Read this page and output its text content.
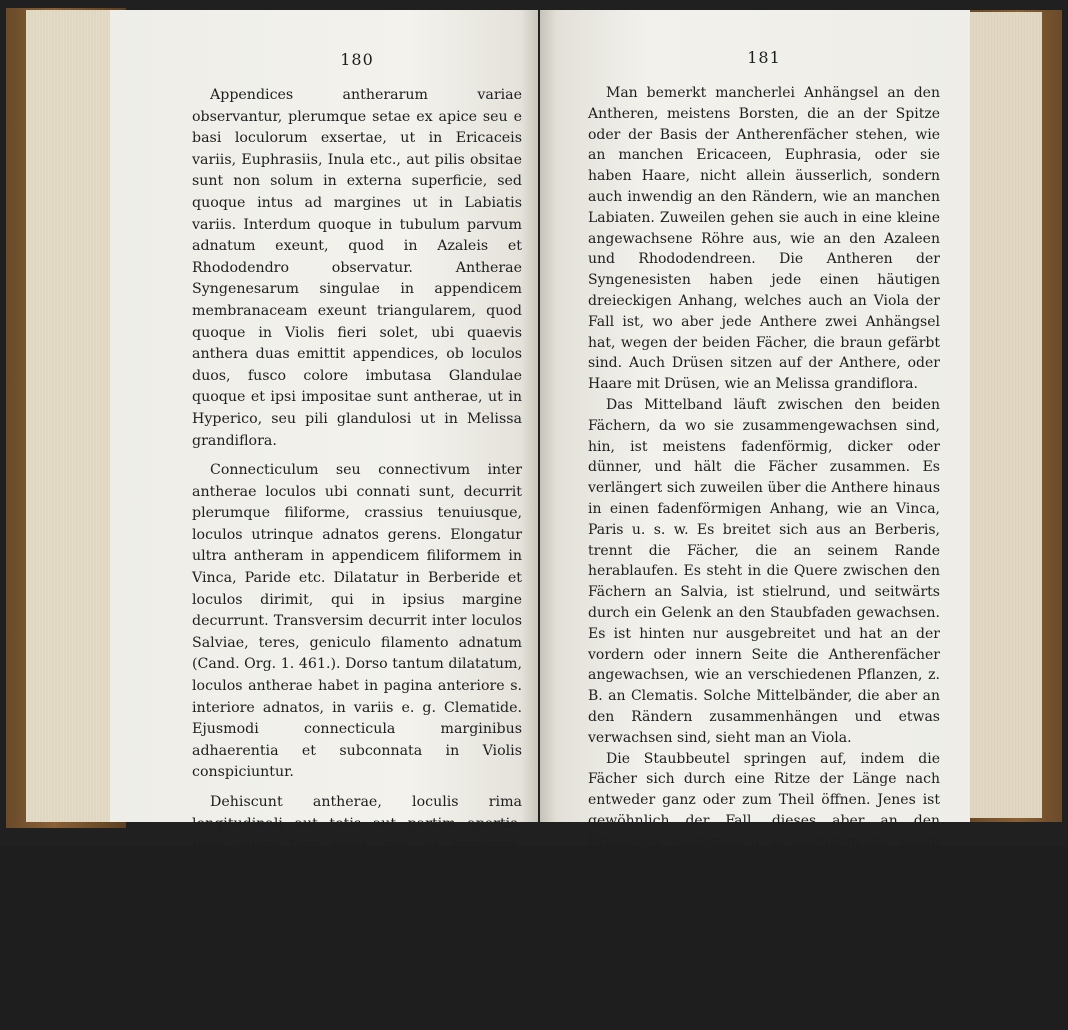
180

Appendices antherarum variae observantur, plerumque setae ex apice seu e basi loculorum exsertae, ut in Ericaceis variis, Euphrasiis, Inula etc., aut pilis obsitae sunt non solum in externa superficie, sed quoque intus ad margines ut in Labiatis variis. Interdum quoque in tubulum parvum adnatum exeunt, quod in Azaleis et Rhododendro observatur. Antherae Syngenesarum singulae in appendicem membranaceam exeunt triangularem, quod quoque in Violis fieri solet, ubi quaevis anthera duas emittit appendices, ob loculos duos, fusco colore imbutasa Glandulae quoque et ipsi impositae sunt antherae, ut in Hyperico, seu pili glandulosi ut in Melissa grandiflora.

Connecticulum seu connectivum inter antherae loculos ubi connati sunt, decurrit plerumque filiforme, crassius tenuiusque, loculos utrinque adnatos gerens. Elongatur ultra antheram in appendicem filiformem in Vinca, Paride etc. Dilatatur in Berberide et loculos dirimit, qui in ipsius margine decurrunt. Transversim decurrit inter loculos Salviae, teres, geniculo filamento adnatum (Cand. Org. 1. 461.). Dorso tantum dilatatum, loculos antherae habet in pagina anteriore s. interiore adnatos, in variis e. g. Clematide. Ejusmodi connecticula marginibus adhaerentia et subconnata in Violis conspiciuntur.

Dehiscunt antherae, loculis rima longitudinali aut totis aut partim apertis. Illud vulgo fieri solet, hoc in Ericaceis, Euphrasia etc. observamus. Post emissionem pollinis saepe tota anthera invertitur et corrugando perit. Interdum parum corrugatur et loculi divergunt ut in Graminibus, aut alio modo contorquetur, rarius in formam helicinam ut in Erythraea, paullo frequentius in vere spiralem (Clarkia). Sunt quoque antherae quae post dehi-

181

Man bemerkt mancherlei Anhängsel an den Antheren, meistens Borsten, die an der Spitze oder der Basis der Antherenfächer stehen, wie an manchen Ericaceen, Euphrasia, oder sie haben Haare, nicht allein äusserlich, sondern auch inwendig an den Rändern, wie an manchen Labiaten. Zuweilen gehen sie auch in eine kleine angewachsene Röhre aus, wie an den Azaleen und Rhododendreen. Die Antheren der Syngenesisten haben jede einen häutigen dreieckigen Anhang, welches auch an Viola der Fall ist, wo aber jede Anthere zwei Anhängsel hat, wegen der beiden Fächer, die braun gefärbt sind. Auch Drüsen sitzen auf der Anthere, oder Haare mit Drüsen, wie an Melissa grandiflora.

Das Mittelband läuft zwischen den beiden Fächern, da wo sie zusammengewachsen sind, hin, ist meistens fadenförmig, dicker oder dünner, und hält die Fächer zusammen. Es verlängert sich zuweilen über die Anthere hinaus in einen fadenförmigen Anhang, wie an Vinca, Paris u. s. w. Es breitet sich aus an Berberis, trennt die Fächer, die an seinem Rande herablaufen. Es steht in die Quere zwischen den Fächern an Salvia, ist stielrund, und seitwärts durch ein Gelenk an den Staubfaden gewachsen. Es ist hinten nur ausgebreitet und hat an der vordern oder innern Seite die Antherenfächer angewachsen, wie an verschiedenen Pflanzen, z. B. an Clematis. Solche Mittelbänder, die aber an den Rändern zusammenhängen und etwas verwachsen sind, sieht man an Viola.

Die Staubbeutel springen auf, indem die Fächer sich durch eine Ritze der Länge nach entweder ganz oder zum Theil öffnen. Jenes ist gewöhnlich der Fall, dieses aber an den Ericaceen, Euphrasia u. a. Nachdem der Staub heraus ist, kehrt sich die Anthere oft um, das Innere nach aussen, schrumpft zusammen und vergeht. Zuweilen schrumpft sie nur wenig zusammen und die Fächer gehen etwas auseinander, wie an den Gräsern, oder sie drehen sich, seltener in eine Schraubenlinie, wie an Erythraea, öfter in eine Spirale, wie an Clarkia. Es giebt auch Antheren, welche
